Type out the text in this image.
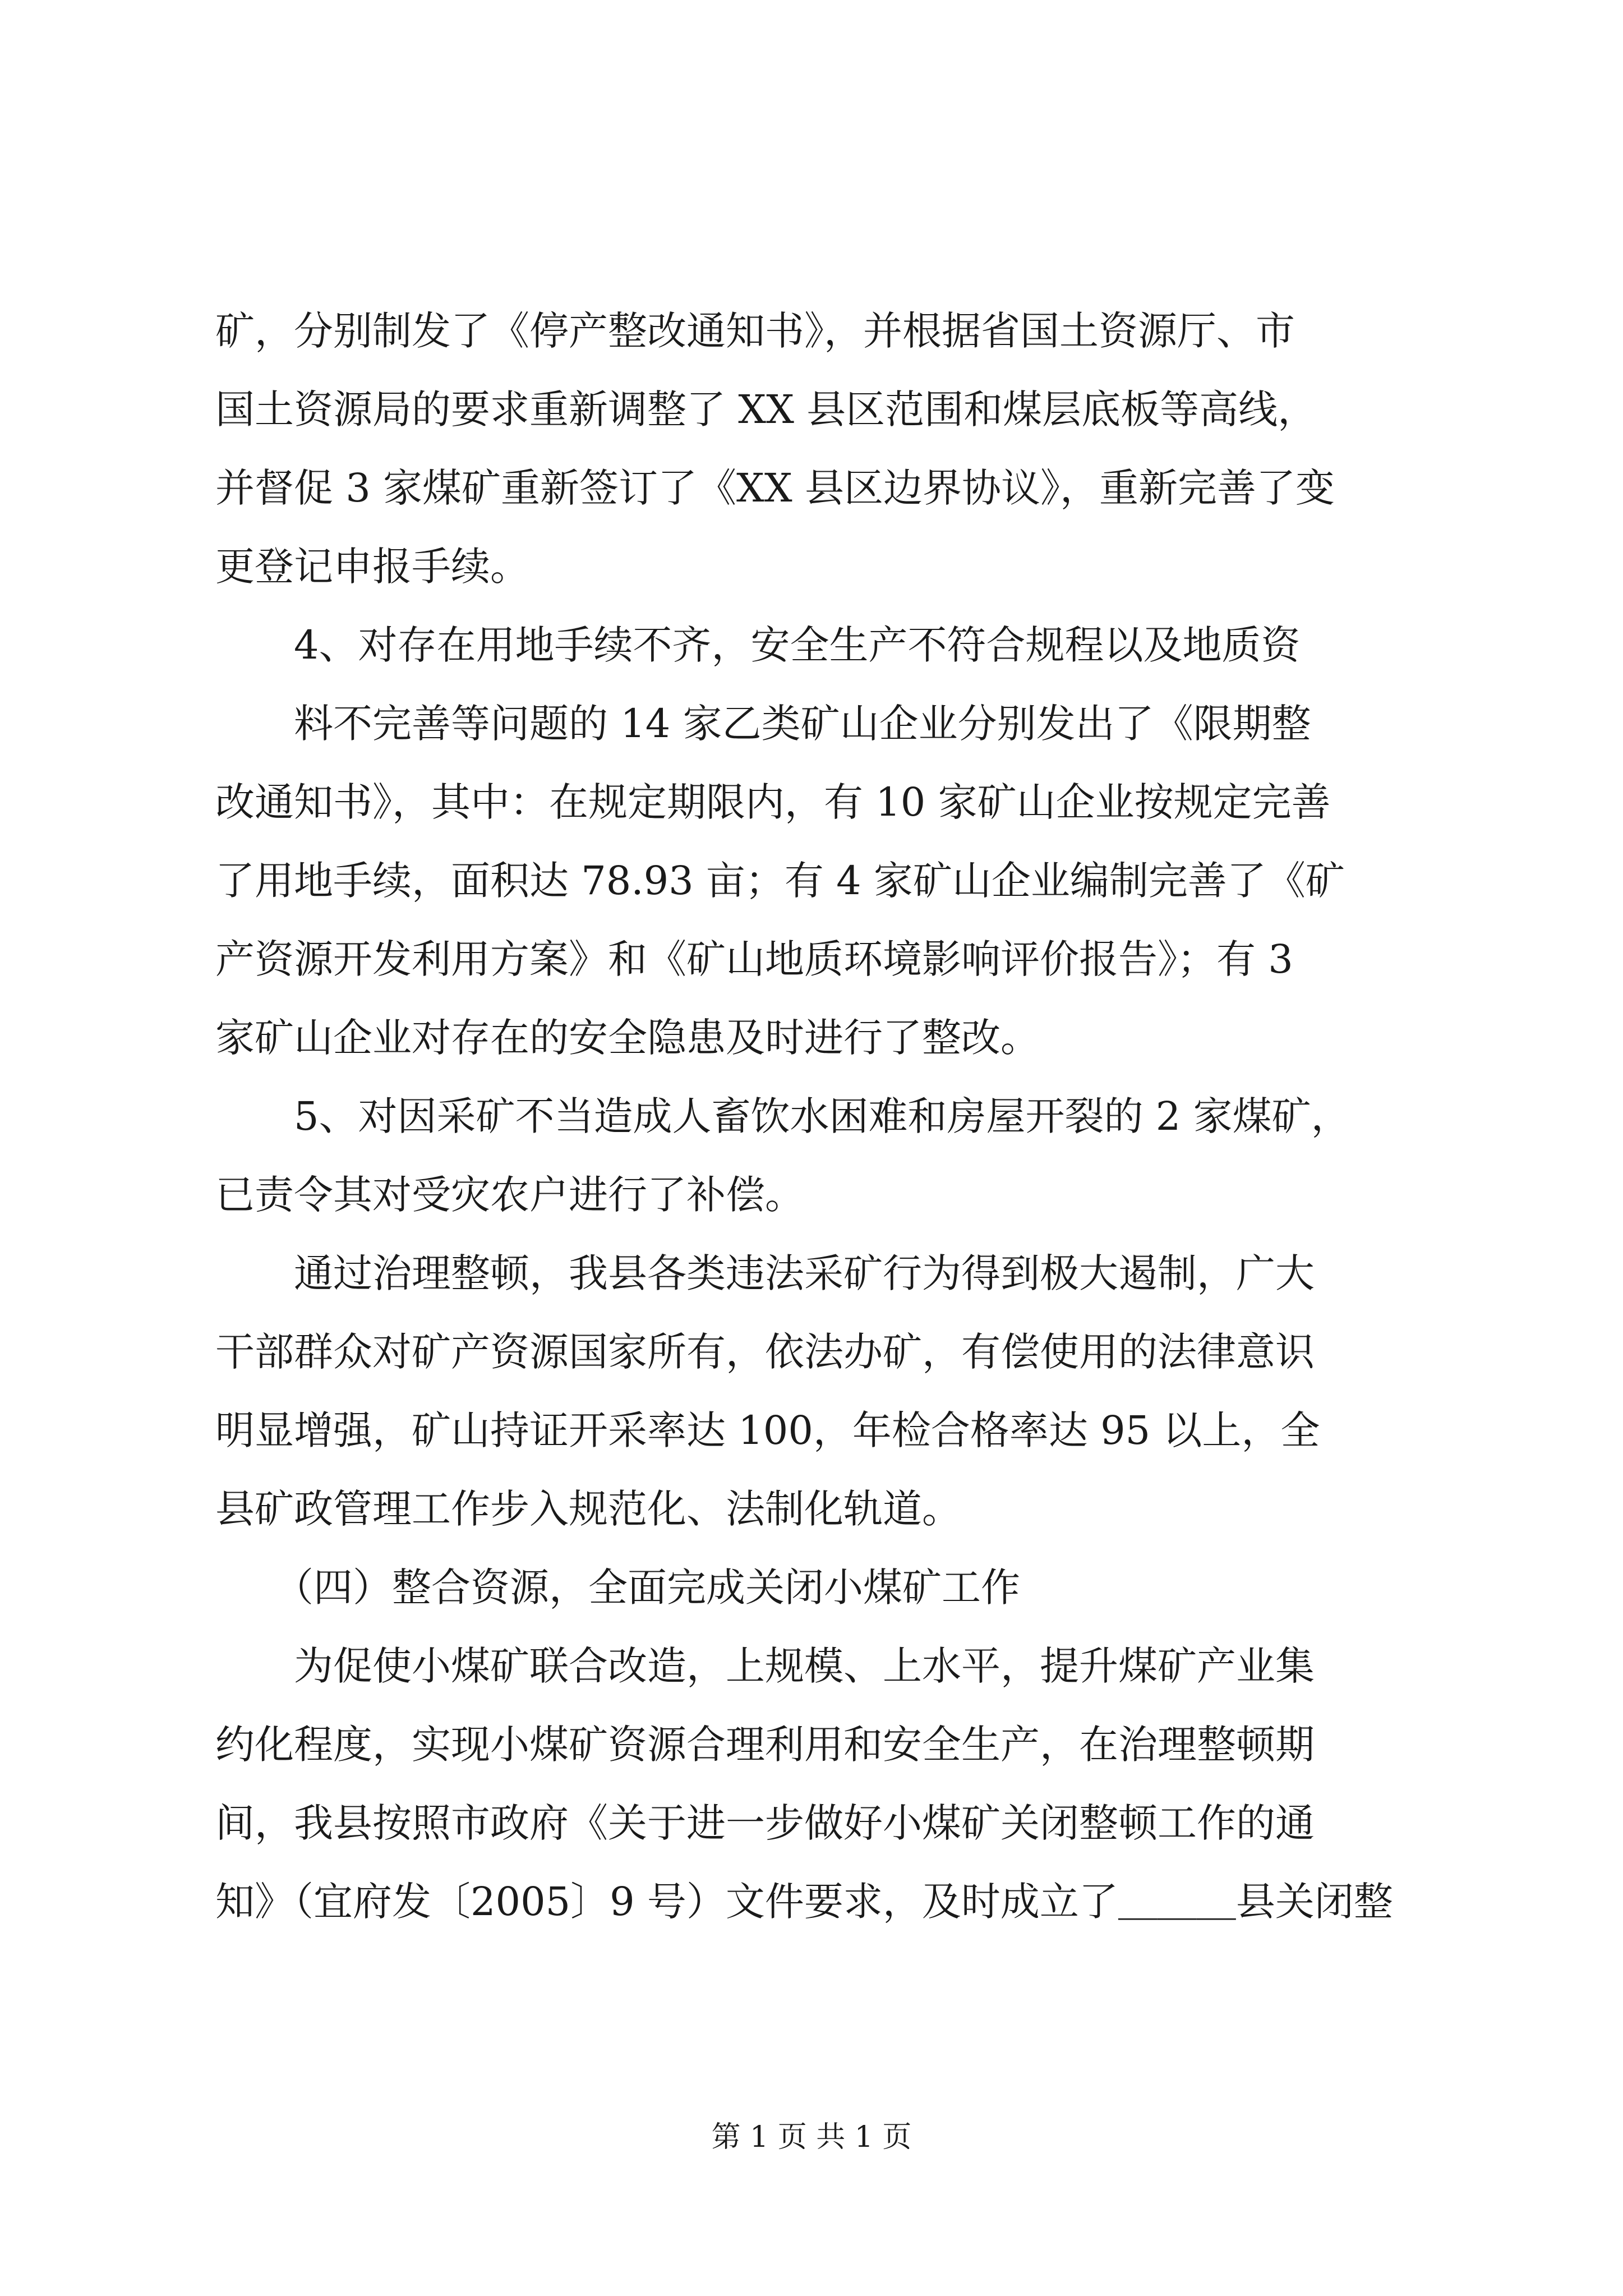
矿，分别制发了《停产整改通知书》，并根据省国土资源厅、市
国土资源局的要求重新调整了 XX 县区范围和煤层底板等高线，
并督促 3 家煤矿重新签订了《XX 县区边界协议》，重新完善了变
更登记申报手续。
　　4、对存在用地手续不齐，安全生产不符合规程以及地质资
　　料不完善等问题的 14 家乙类矿山企业分别发出了《限期整
改通知书》，其中：在规定期限内，有 10 家矿山企业按规定完善
了用地手续，面积达 78.93 亩；有 4 家矿山企业编制完善了《矿
产资源开发利用方案》和《矿山地质环境影响评价报告》；有 3
家矿山企业对存在的安全隐患及时进行了整改。
　　5、对因采矿不当造成人畜饮水困难和房屋开裂的 2 家煤矿，
已责令其对受灾农户进行了补偿。
　　通过治理整顿，我县各类违法采矿行为得到极大遏制，广大
干部群众对矿产资源国家所有，依法办矿，有偿使用的法律意识
明显增强，矿山持证开采率达 100，年检合格率达 95 以上，全
县矿政管理工作步入规范化、法制化轨道。
　　（四）整合资源，全面完成关闭小煤矿工作
　　为促使小煤矿联合改造，上规模、上水平，提升煤矿产业集
约化程度，实现小煤矿资源合理利用和安全生产，在治理整顿期
间，我县按照市政府《关于进一步做好小煤矿关闭整顿工作的通
知》（宜府发〔2005〕9 号）文件要求，及时成立了＿＿＿县关闭整
第 1 页 共 1 页
